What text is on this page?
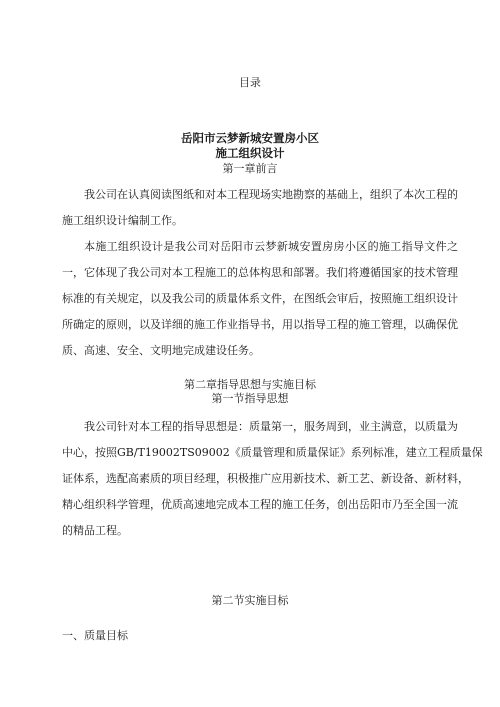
目录
岳阳市云梦新城安置房小区
施工组织设计
第一章前言
我公司在认真阅读图纸和对本工程现场实地勘察的基础上，组织了本次工程的
施工组织设计编制工作。
本施工组织设计是我公司对岳阳市云梦新城安置房房小区的施工指导文件之
一，它体现了我公司对本工程施工的总体构思和部署。我们将遵循国家的技术管理
标准的有关规定，以及我公司的质量体系文件，在图纸会审后，按照施工组织设计
所确定的原则，以及详细的施工作业指导书，用以指导工程的施工管理，以确保优
质、高速、安全、文明地完成建设任务。
第二章指导思想与实施目标
第一节指导思想
我公司针对本工程的指导思想是：质量第一，服务周到，业主满意，以质量为
中心，按照GB/T19002TS09002《质量管理和质量保证》系列标准，建立工程质量保
证体系，选配高素质的项目经理，积极推广应用新技术、新工艺、新设备、新材料，
精心组织科学管理，优质高速地完成本工程的施工任务，创出岳阳市乃至全国一流
的精品工程。
第二节实施目标
一、质量目标
